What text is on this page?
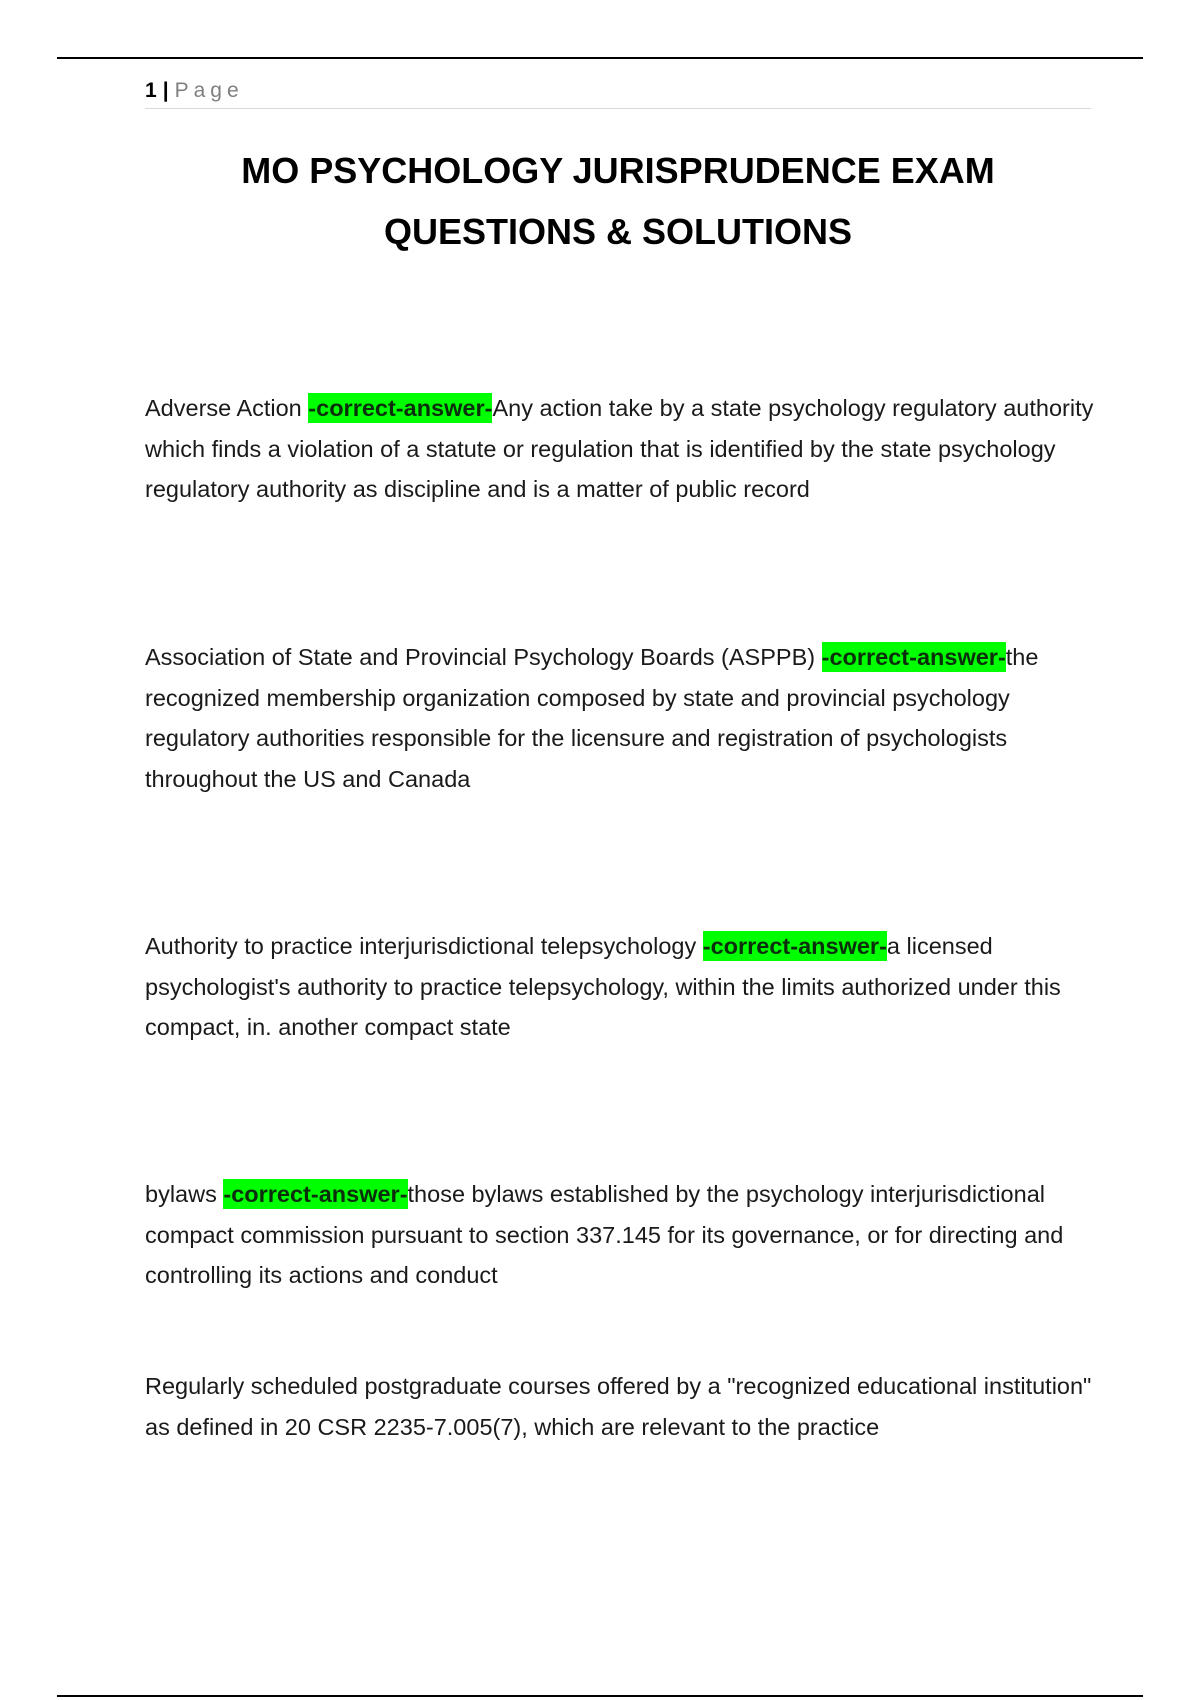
1 | Page
MO PSYCHOLOGY JURISPRUDENCE EXAM
QUESTIONS & SOLUTIONS
Adverse Action -correct-answer-Any action take by a state psychology regulatory authority which finds a violation of a statute or regulation that is identified by the state psychology regulatory authority as discipline and is a matter of public record
Association of State and Provincial Psychology Boards (ASPPB) -correct-answer-the recognized membership organization composed by state and provincial psychology regulatory authorities responsible for the licensure and registration of psychologists throughout the US and Canada
Authority to practice interjurisdictional telepsychology -correct-answer-a licensed psychologist's authority to practice telepsychology, within the limits authorized under this compact, in. another compact state
bylaws -correct-answer-those bylaws established by the psychology interjurisdictional compact commission pursuant to section 337.145 for its governance, or for directing and controlling its actions and conduct
Regularly scheduled postgraduate courses offered by a "recognized educational institution" as defined in 20 CSR 2235-7.005(7), which are relevant to the practice
